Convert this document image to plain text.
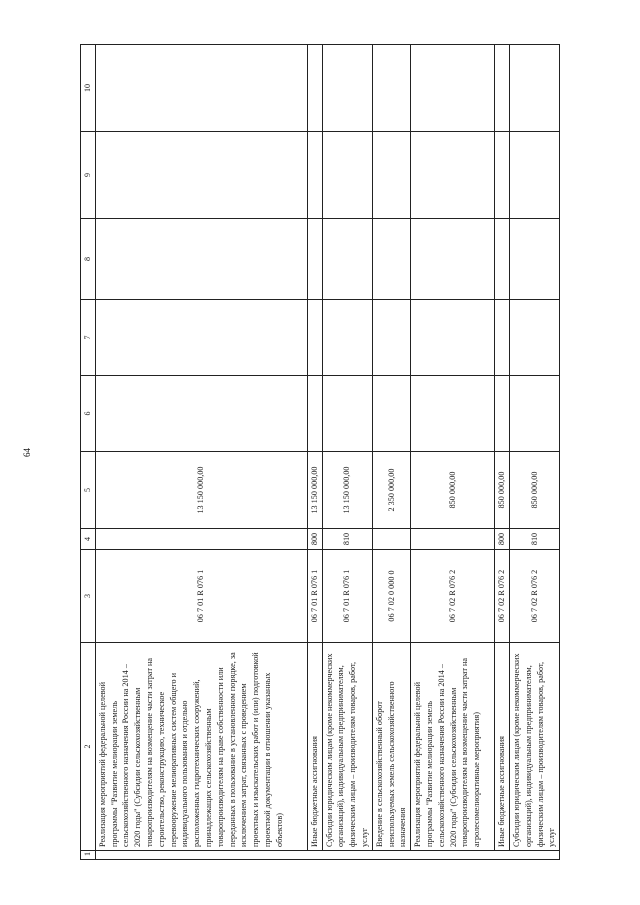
64
1	2	3	4	5	6	7	8	9	10
	Реализация мероприятий федеральной целевой программы "Развитие мелиорации земель сельскохозяйственного назначения России на 2014 – 2020 годы" (Субсидии сельскохозяйственным товаропроизводителям на возмещение части затрат на строительство, реконструкцию, техническое перевооружение мелиоративных систем общего и индивидуального пользования и отдельно расположенных гидротехнических сооружений, принадлежащих сельскохозяйственным товаропроизводителям на праве собственности или переданных в пользование в установленном порядке, за исключением затрат, связанных с проведением проектных и изыскательских работ и (или) подготовкой проектной документации в отношении указанных объектов)	06 7 01 R 076 1		13 150 000,00					
	Иные бюджетные ассигнования	06 7 01 R 076 1	800	13 150 000,00					
	Субсидии юридическим лицам (кроме некоммерческих организаций), индивидуальным предпринимателям, физическим лицам – производителям товаров, работ, услуг	06 7 01 R 076 1	810	13 150 000,00					
	Введение в сельскохозяйственный оборот неиспользуемых земель сельскохозяйственного назначения	06 7 02 0 000 0		2 350 000,00					
	Реализация мероприятий федеральной целевой программы "Развитие мелиорации земель сельскохозяйственного назначения России на 2014 – 2020 годы" (Субсидии сельскохозяйственным товаропроизводителям на возмещение части затрат на агролесомелиоративные мероприятия)	06 7 02 R 076 2		850 000,00					
	Иные бюджетные ассигнования	06 7 02 R 076 2	800	850 000,00					
	Субсидии юридическим лицам (кроме некоммерческих организаций), индивидуальным предпринимателям, физическим лицам – производителям товаров, работ, услуг	06 7 02 R 076 2	810	850 000,00					
